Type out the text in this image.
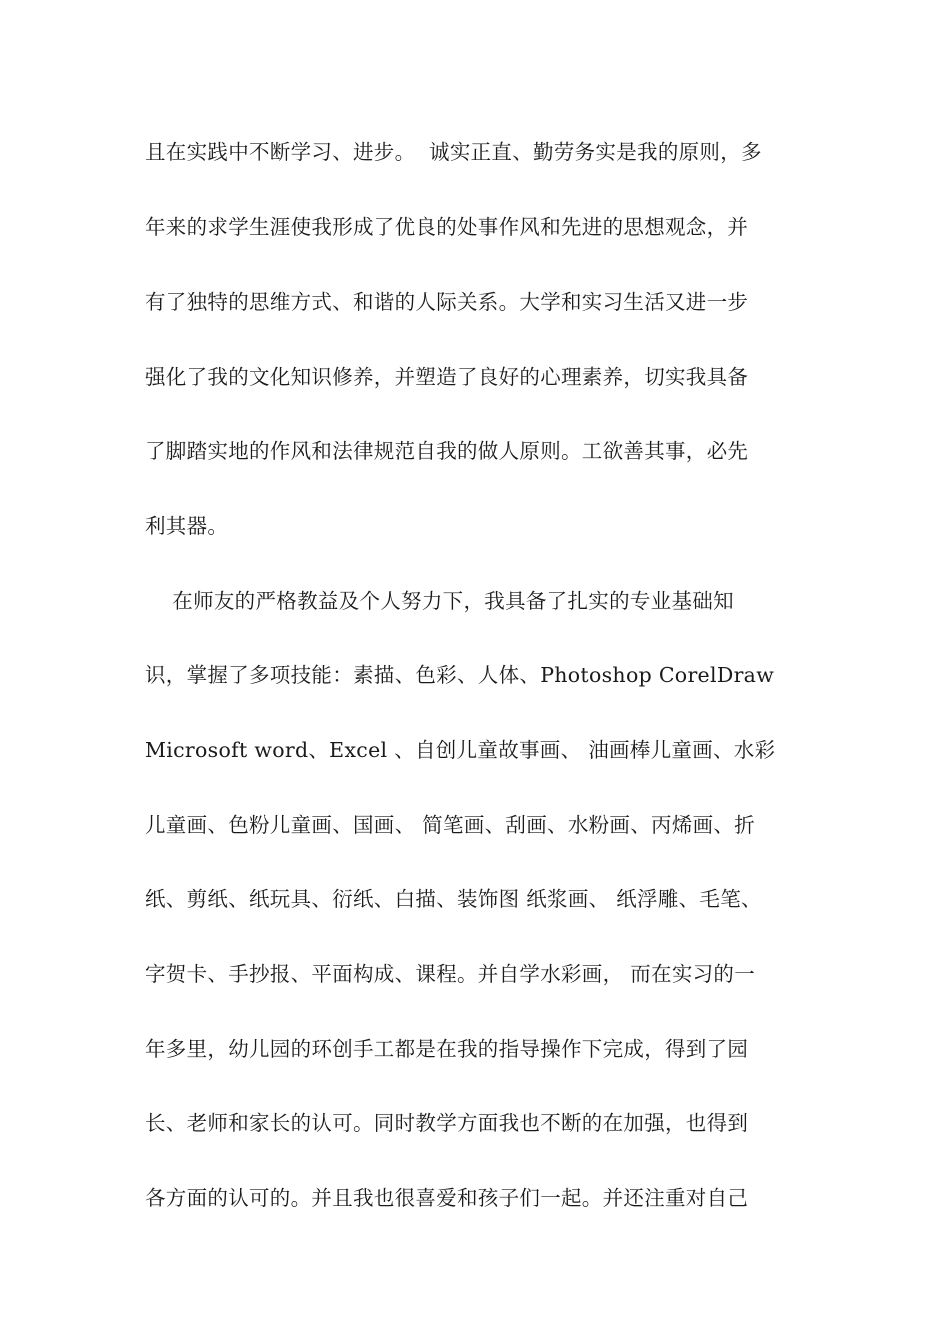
且在实践中不断学习、进步。  诚实正直、勤劳务实是我的原则，多
年来的求学生涯使我形成了优良的处事作风和先进的思想观念，并
有了独特的思维方式、和谐的人际关系。大学和实习生活又进一步
强化了我的文化知识修养，并塑造了良好的心理素养，切实我具备
了脚踏实地的作风和法律规范自我的做人原则。工欲善其事，必先
利其器。
在师友的严格教益及个人努力下，我具备了扎实的专业基础知
识，掌握了多项技能：素描、色彩、人体、Photoshop CorelDraw
Microsoft word、Excel 、自创儿童故事画、 油画棒儿童画、水彩
儿童画、色粉儿童画、国画、 简笔画、刮画、水粉画、丙烯画、折
纸、剪纸、纸玩具、衍纸、白描、装饰图 纸浆画、 纸浮雕、毛笔、
字贺卡、手抄报、平面构成、课程。并自学水彩画， 而在实习的一
年多里，幼儿园的环创手工都是在我的指导操作下完成，得到了园
长、老师和家长的认可。同时教学方面我也不断的在加强，也得到
各方面的认可的。并且我也很喜爱和孩子们一起。并还注重对自己
